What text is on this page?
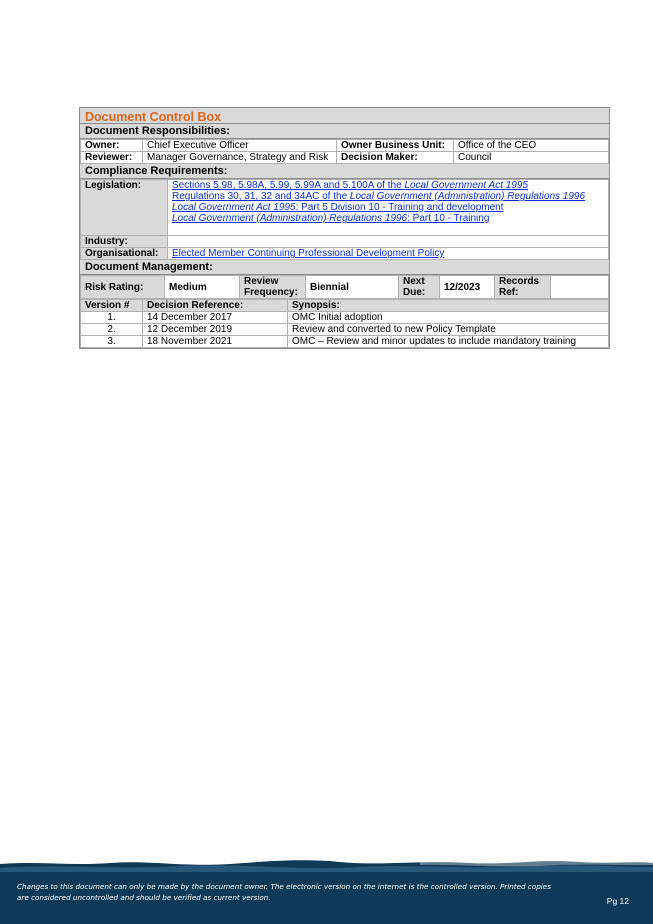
Document Control Box
Document Responsibilities:
Owner:	Chief Executive Officer	Owner Business Unit:	Office of the CEO
Reviewer:	Manager Governance, Strategy and Risk	Decision Maker:	Council
Compliance Requirements:
Legislation:	Sections 5.98, 5.98A, 5.99, 5.99A and 5.100A of the Local Government Act 1995
Regulations 30, 31, 32 and 34AC of the Local Government (Administration) Regulations 1996
Local Government Act 1995: Part 5 Division 10 - Training and development
Local Government (Administration) Regulations 1996: Part 10 - Training

Industry:	
Organisational:	Elected Member Continuing Professional Development Policy
Document Management:
Risk Rating:	Medium	Review Frequency:	Biennial	Next Due:	12/2023	Records Ref:	
Version #	Decision Reference:	Synopsis:
1.	14 December 2017	OMC Initial adoption
2.	12 December 2019	Review and converted to new Policy Template
3.	18 November 2021	OMC – Review and minor updates to include mandatory training
Changes to this document can only be made by the document owner. The electronic version on the internet is the controlled version. Printed copies are considered uncontrolled and should be verified as current version.	Pg 12
